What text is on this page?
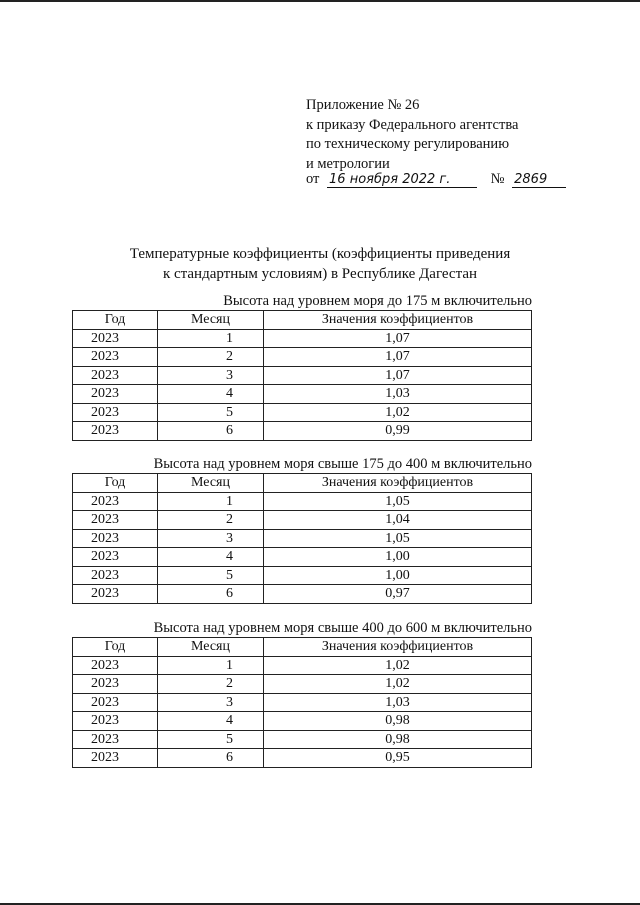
Приложение № 26
к приказу Федерального агентства
по техническому регулированию
и метрологии
от 16 ноября 2022 г.	№ 2869
Температурные коэффициенты (коэффициенты приведения
к стандартным условиям) в Республике Дагестан
Высота над уровнем моря до 175 м включительно
Год	Месяц	Значения коэффициентов
2023	1	1,07
2023	2	1,07
2023	3	1,07
2023	4	1,03
2023	5	1,02
2023	6	0,99
Высота над уровнем моря свыше 175 до 400 м включительно
Год	Месяц	Значения коэффициентов
2023	1	1,05
2023	2	1,04
2023	3	1,05
2023	4	1,00
2023	5	1,00
2023	6	0,97
Высота над уровнем моря свыше 400 до 600 м включительно
Год	Месяц	Значения коэффициентов
2023	1	1,02
2023	2	1,02
2023	3	1,03
2023	4	0,98
2023	5	0,98
2023	6	0,95
